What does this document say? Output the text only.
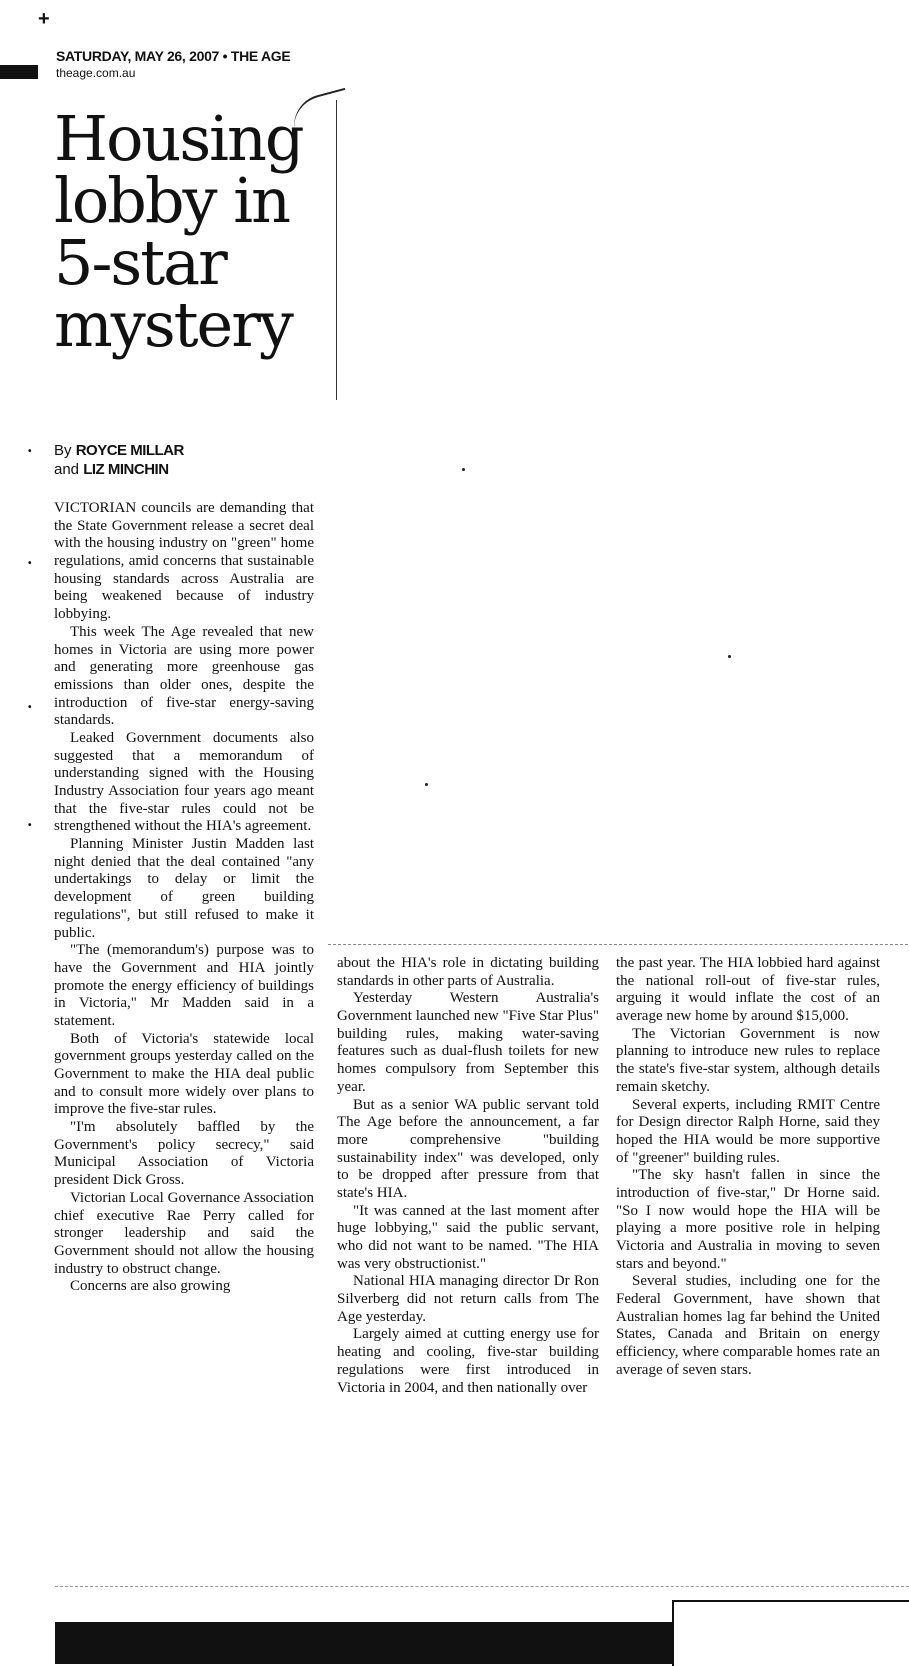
+
SATURDAY, MAY 26, 2007 • THE AGE
theage.com.au
Housing
lobby in
5-star
mystery
By ROYCE MILLAR
and LIZ MINCHIN
•
•
•
•

VICTORIAN councils are demanding that the State Government release a secret deal with the housing industry on "green" home regulations, amid concerns that sustainable housing standards across Australia are being weakened because of industry lobbying.

This week The Age revealed that new homes in Victoria are using more power and generating more greenhouse gas emissions than older ones, despite the introduction of five-star energy-saving standards.

Leaked Government documents also suggested that a memorandum of understanding signed with the Housing Industry Association four years ago meant that the five-star rules could not be strengthened without the HIA's agreement.

Planning Minister Justin Madden last night denied that the deal contained "any undertakings to delay or limit the development of green building regulations", but still refused to make it public.

"The (memorandum's) purpose was to have the Government and HIA jointly promote the energy efficiency of buildings in Victoria," Mr Madden said in a statement.

Both of Victoria's statewide local government groups yesterday called on the Government to make the HIA deal public and to consult more widely over plans to improve the five-star rules.

"I'm absolutely baffled by the Government's policy secrecy," said Municipal Association of Victoria president Dick Gross.

Victorian Local Governance Association chief executive Rae Perry called for stronger leadership and said the Government should not allow the housing industry to obstruct change.

Concerns are also growing

about the HIA's role in dictating building standards in other parts of Australia.

Yesterday Western Australia's Government launched new "Five Star Plus" building rules, making water-saving features such as dual-flush toilets for new homes compulsory from September this year.

But as a senior WA public servant told The Age before the announcement, a far more comprehensive "building sustainability index" was developed, only to be dropped after pressure from that state's HIA.

"It was canned at the last moment after huge lobbying," said the public servant, who did not want to be named. "The HIA was very obstructionist."

National HIA managing director Dr Ron Silverberg did not return calls from The Age yesterday.

Largely aimed at cutting energy use for heating and cooling, five-star building regulations were first introduced in Victoria in 2004, and then nationally over

the past year. The HIA lobbied hard against the national roll-out of five-star rules, arguing it would inflate the cost of an average new home by around $15,000.

The Victorian Government is now planning to introduce new rules to replace the state's five-star system, although details remain sketchy.

Several experts, including RMIT Centre for Design director Ralph Horne, said they hoped the HIA would be more supportive of "greener" building rules.

"The sky hasn't fallen in since the introduction of five-star," Dr Horne said. "So I now would hope the HIA will be playing a more positive role in helping Victoria and Australia in moving to seven stars and beyond."

Several studies, including one for the Federal Government, have shown that Australian homes lag far behind the United States, Canada and Britain on energy efficiency, where comparable homes rate an average of seven stars.
